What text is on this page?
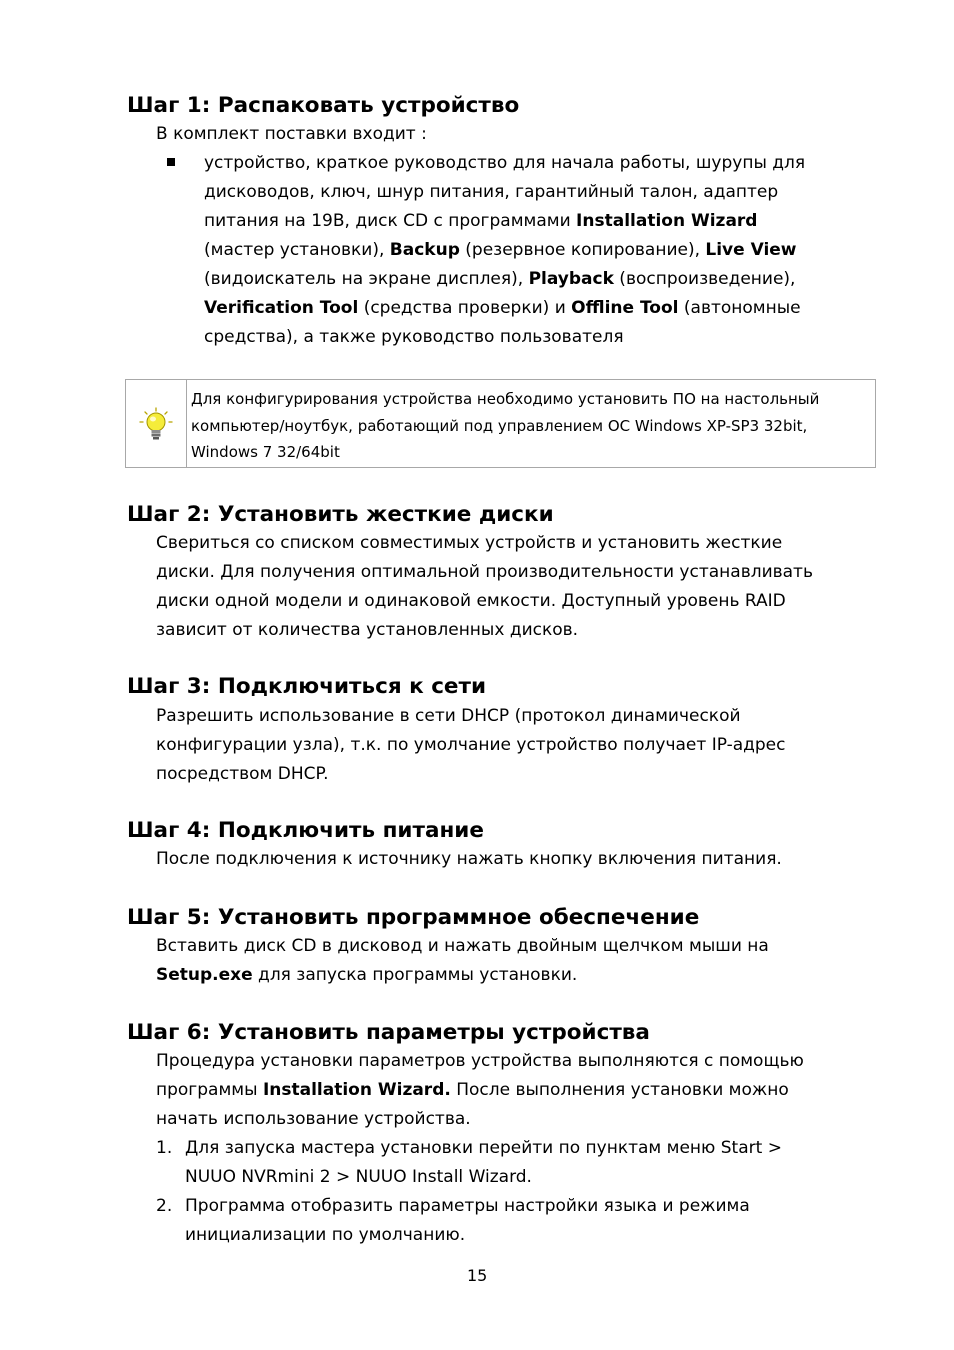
Шаг 1: Распаковать устройство
В комплект поставки входит :
устройство, краткое руководство для начала работы, шурупы для
дисководов, ключ, шнур питания, гарантийный талон, адаптер
питания на 19В, диск CD с программами Installation Wizard
(мастер установки), Backup (резервное копирование), Live View
(видоискатель на экране дисплея), Playback (воспроизведение),
Verification Tool (средства проверки) и Offline Tool (автономные
средства), а также руководство пользователя
Для конфигурирования устройства необходимо установить ПО на настольный
компьютер/ноутбук, работающий под управлением ОС Windows XP-SP3 32bit,
Windows 7 32/64bit
Шаг 2: Установить жесткие диски
Свериться со списком совместимых устройств и установить жесткие
диски. Для получения оптимальной производительности устанавливать
диски одной модели и одинаковой емкости. Доступный уровень RAID
зависит от количества установленных дисков.
Шаг 3: Подключиться к сети
Разрешить использование в сети DHCP (протокол динамической
конфигурации узла), т.к. по умолчание устройство получает IP-адрес
посредством DHCP.
Шаг 4: Подключить питание
После подключения к источнику нажать кнопку включения питания.
Шаг 5: Установить программное обеспечение
Вставить диск CD в дисковод и нажать двойным щелчком мыши на
Setup.exe для запуска программы установки.
Шаг 6: Установить параметры устройства
Процедура установки параметров устройства выполняются с помощью
программы Installation Wizard. После выполнения установки можно
начать использование устройства.
1. Для запуска мастера установки перейти по пунктам меню Start >
NUUO NVRmini 2 > NUUO Install Wizard.
2. Программа отобразить параметры настройки языка и режима
инициализации по умолчанию.
15
